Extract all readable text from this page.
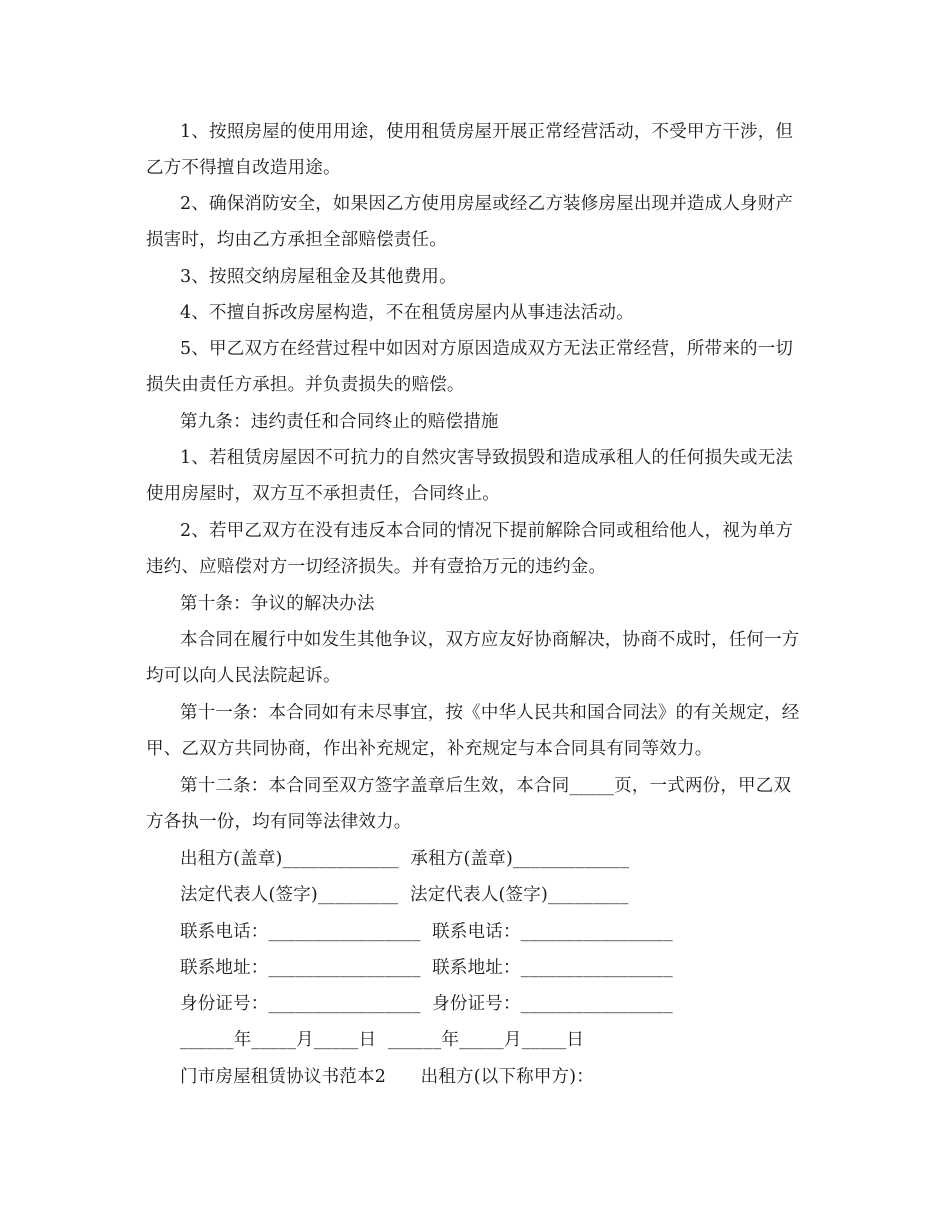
1、按照房屋的使用用途，使用租赁房屋开展正常经营活动，不受甲方干涉，但乙方不得擅自改造用途。

2、确保消防安全，如果因乙方使用房屋或经乙方装修房屋出现并造成人身财产损害时，均由乙方承担全部赔偿责任。

3、按照交纳房屋租金及其他费用。

4、不擅自拆改房屋构造，不在租赁房屋内从事违法活动。

5、甲乙双方在经营过程中如因对方原因造成双方无法正常经营，所带来的一切损失由责任方承担。并负责损失的赔偿。

第九条：违约责任和合同终止的赔偿措施

1、若租赁房屋因不可抗力的自然灾害导致损毁和造成承租人的任何损失或无法使用房屋时，双方互不承担责任，合同终止。

2、若甲乙双方在没有违反本合同的情况下提前解除合同或租给他人，视为单方违约、应赔偿对方一切经济损失。并有壹拾万元的违约金。

第十条：争议的解决办法

本合同在履行中如发生其他争议，双方应友好协商解决，协商不成时，任何一方均可以向人民法院起诉。

第十一条：本合同如有未尽事宜，按《中华人民共和国合同法》的有关规定，经甲、乙双方共同协商，作出补充规定，补充规定与本合同具有同等效力。

第十二条：本合同至双方签字盖章后生效，本合同_____页，一式两份，甲乙双方各执一份，均有同等法律效力。

出租方(盖章)_____________  承租方(盖章)_____________

法定代表人(签字)_________  法定代表人(签字)_________

联系电话：_________________  联系电话：_________________

联系地址：_________________  联系地址：_________________

身份证号：_________________  身份证号：_________________

______年_____月_____日  ______年_____月_____日

门市房屋租赁协议书范本2      出租方(以下称甲方)：
